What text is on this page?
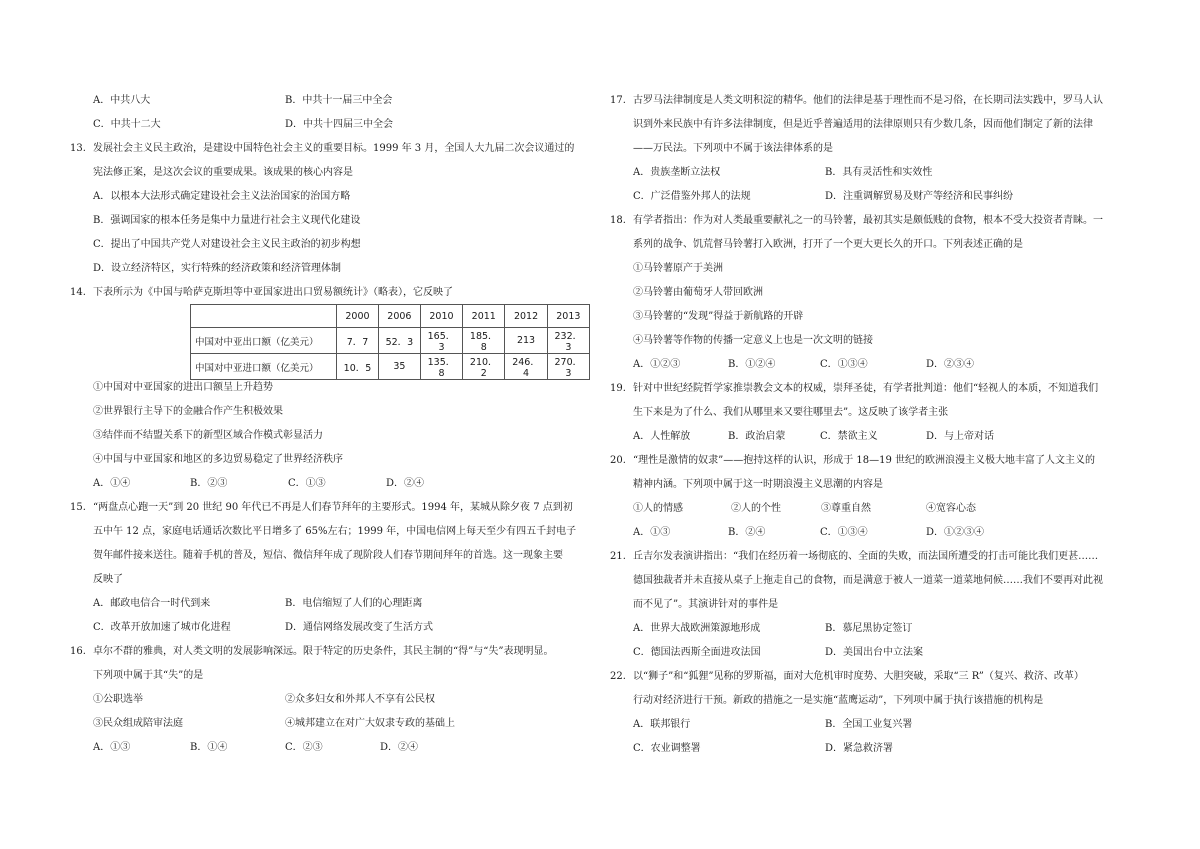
A．中共八大	B．中共十一届三中全会
C．中共十二大	D．中共十四届三中全会
13. 发展社会主义民主政治，是建设中国特色社会主义的重要目标。1999 年 3 月，全国人大九届二次会议通过的
宪法修正案，是这次会议的重要成果。该成果的核心内容是
A．以根本大法形式确定建设社会主义法治国家的治国方略
B．强调国家的根本任务是集中力量进行社会主义现代化建设
C．提出了中国共产党人对建设社会主义民主政治的初步构想
D．设立经济特区，实行特殊的经济政策和经济管理体制
14. 下表所示为《中国与哈萨克斯坦等中亚国家进出口贸易额统计》（略表），它反映了
	2000	2006	2010	2011	2012	2013
中国对中亚出口额（亿美元）	7．7	52．3	165．3	185．8	213	232．3
中国对中亚进口额（亿美元）	10．5	35	135．8	210．2	246．4	270．3
①中国对中亚国家的进出口额呈上升趋势
②世界银行主导下的金融合作产生积极效果
③结伴而不结盟关系下的新型区域合作模式彰显活力
④中国与中亚国家和地区的多边贸易稳定了世界经济秩序
A．①④	B．②③	C．①③	D．②④
15. “两盘点心跑一天”到 20 世纪 90 年代已不再是人们春节拜年的主要形式。1994 年，某城从除夕夜 7 点到初
五中午 12 点，家庭电话通话次数比平日增多了 65%左右；1999 年，中国电信网上每天至少有四五千封电子
贺年邮件接来送往。随着手机的普及，短信、微信拜年成了现阶段人们春节期间拜年的首选。这一现象主要
反映了
A．邮政电信合一时代到来	B．电信缩短了人们的心理距离
C．改革开放加速了城市化进程	D．通信网络发展改变了生活方式
16. 卓尔不群的雅典，对人类文明的发展影响深远。限于特定的历史条件，其民主制的“得”与“失”表现明显。
下列项中属于其“失”的是
①公职选举	②众多妇女和外邦人不享有公民权
③民众组成陪审法庭	④城邦建立在对广大奴隶专政的基础上
A．①③	B．①④	C．②③	D．②④
17. 古罗马法律制度是人类文明积淀的精华。他们的法律是基于理性而不是习俗，在长期司法实践中，罗马人认
识到外来民族中有许多法律制度，但是近乎普遍适用的法律原则只有少数几条，因而他们制定了新的法律
——万民法。下列项中不属于该法律体系的是
A．贵族垄断立法权	B．具有灵活性和实效性
C．广泛借鉴外邦人的法规	D．注重调解贸易及财产等经济和民事纠纷
18. 有学者指出：作为对人类最重要献礼之一的马铃薯，最初其实是颇低贱的食物，根本不受大投资者青睐。一
系列的战争、饥荒督马铃薯打入欧洲，打开了一个更大更长久的开口。下列表述正确的是
①马铃薯原产于美洲
②马铃薯由葡萄牙人带回欧洲
③马铃薯的“发现”得益于新航路的开辟
④马铃薯等作物的传播一定意义上也是一次文明的链接
A．①②③	B．①②④	C．①③④	D．②③④
19. 针对中世纪经院哲学家推崇教会文本的权威，崇拜圣徒，有学者批判道：他们“轻视人的本质，不知道我们
生下来是为了什么、我们从哪里来又要往哪里去”。这反映了该学者主张
A．人性解放	B．政治启蒙	C．禁欲主义	D．与上帝对话
20. “理性是激情的奴隶”——抱持这样的认识，形成于 18—19 世纪的欧洲浪漫主义极大地丰富了人文主义的
精神内涵。下列项中属于这一时期浪漫主义思潮的内容是
①人的情感	②人的个性	③尊重自然	④宽容心态
A．①③	B．②④	C．①③④	D．①②③④
21. 丘吉尔发表演讲指出：“我们在经历着一场彻底的、全面的失败，而法国所遭受的打击可能比我们更甚……
德国独裁者并未直接从桌子上拖走自己的食物，而是满意于被人一道菜一道菜地伺候……我们不要再对此视
而不见了”。其演讲针对的事件是
A．世界大战欧洲策源地形成	B．慕尼黑协定签订
C．德国法西斯全面进攻法国	D．美国出台中立法案
22. 以“狮子”和“狐狸”见称的罗斯福，面对大危机审时度势、大胆突破，采取“三 R”（复兴、救济、改革）
行动对经济进行干预。新政的措施之一是实施“蓝鹰运动”，下列项中属于执行该措施的机构是
A．联邦银行	B．全国工业复兴署
C．农业调整署	D．紧急救济署
